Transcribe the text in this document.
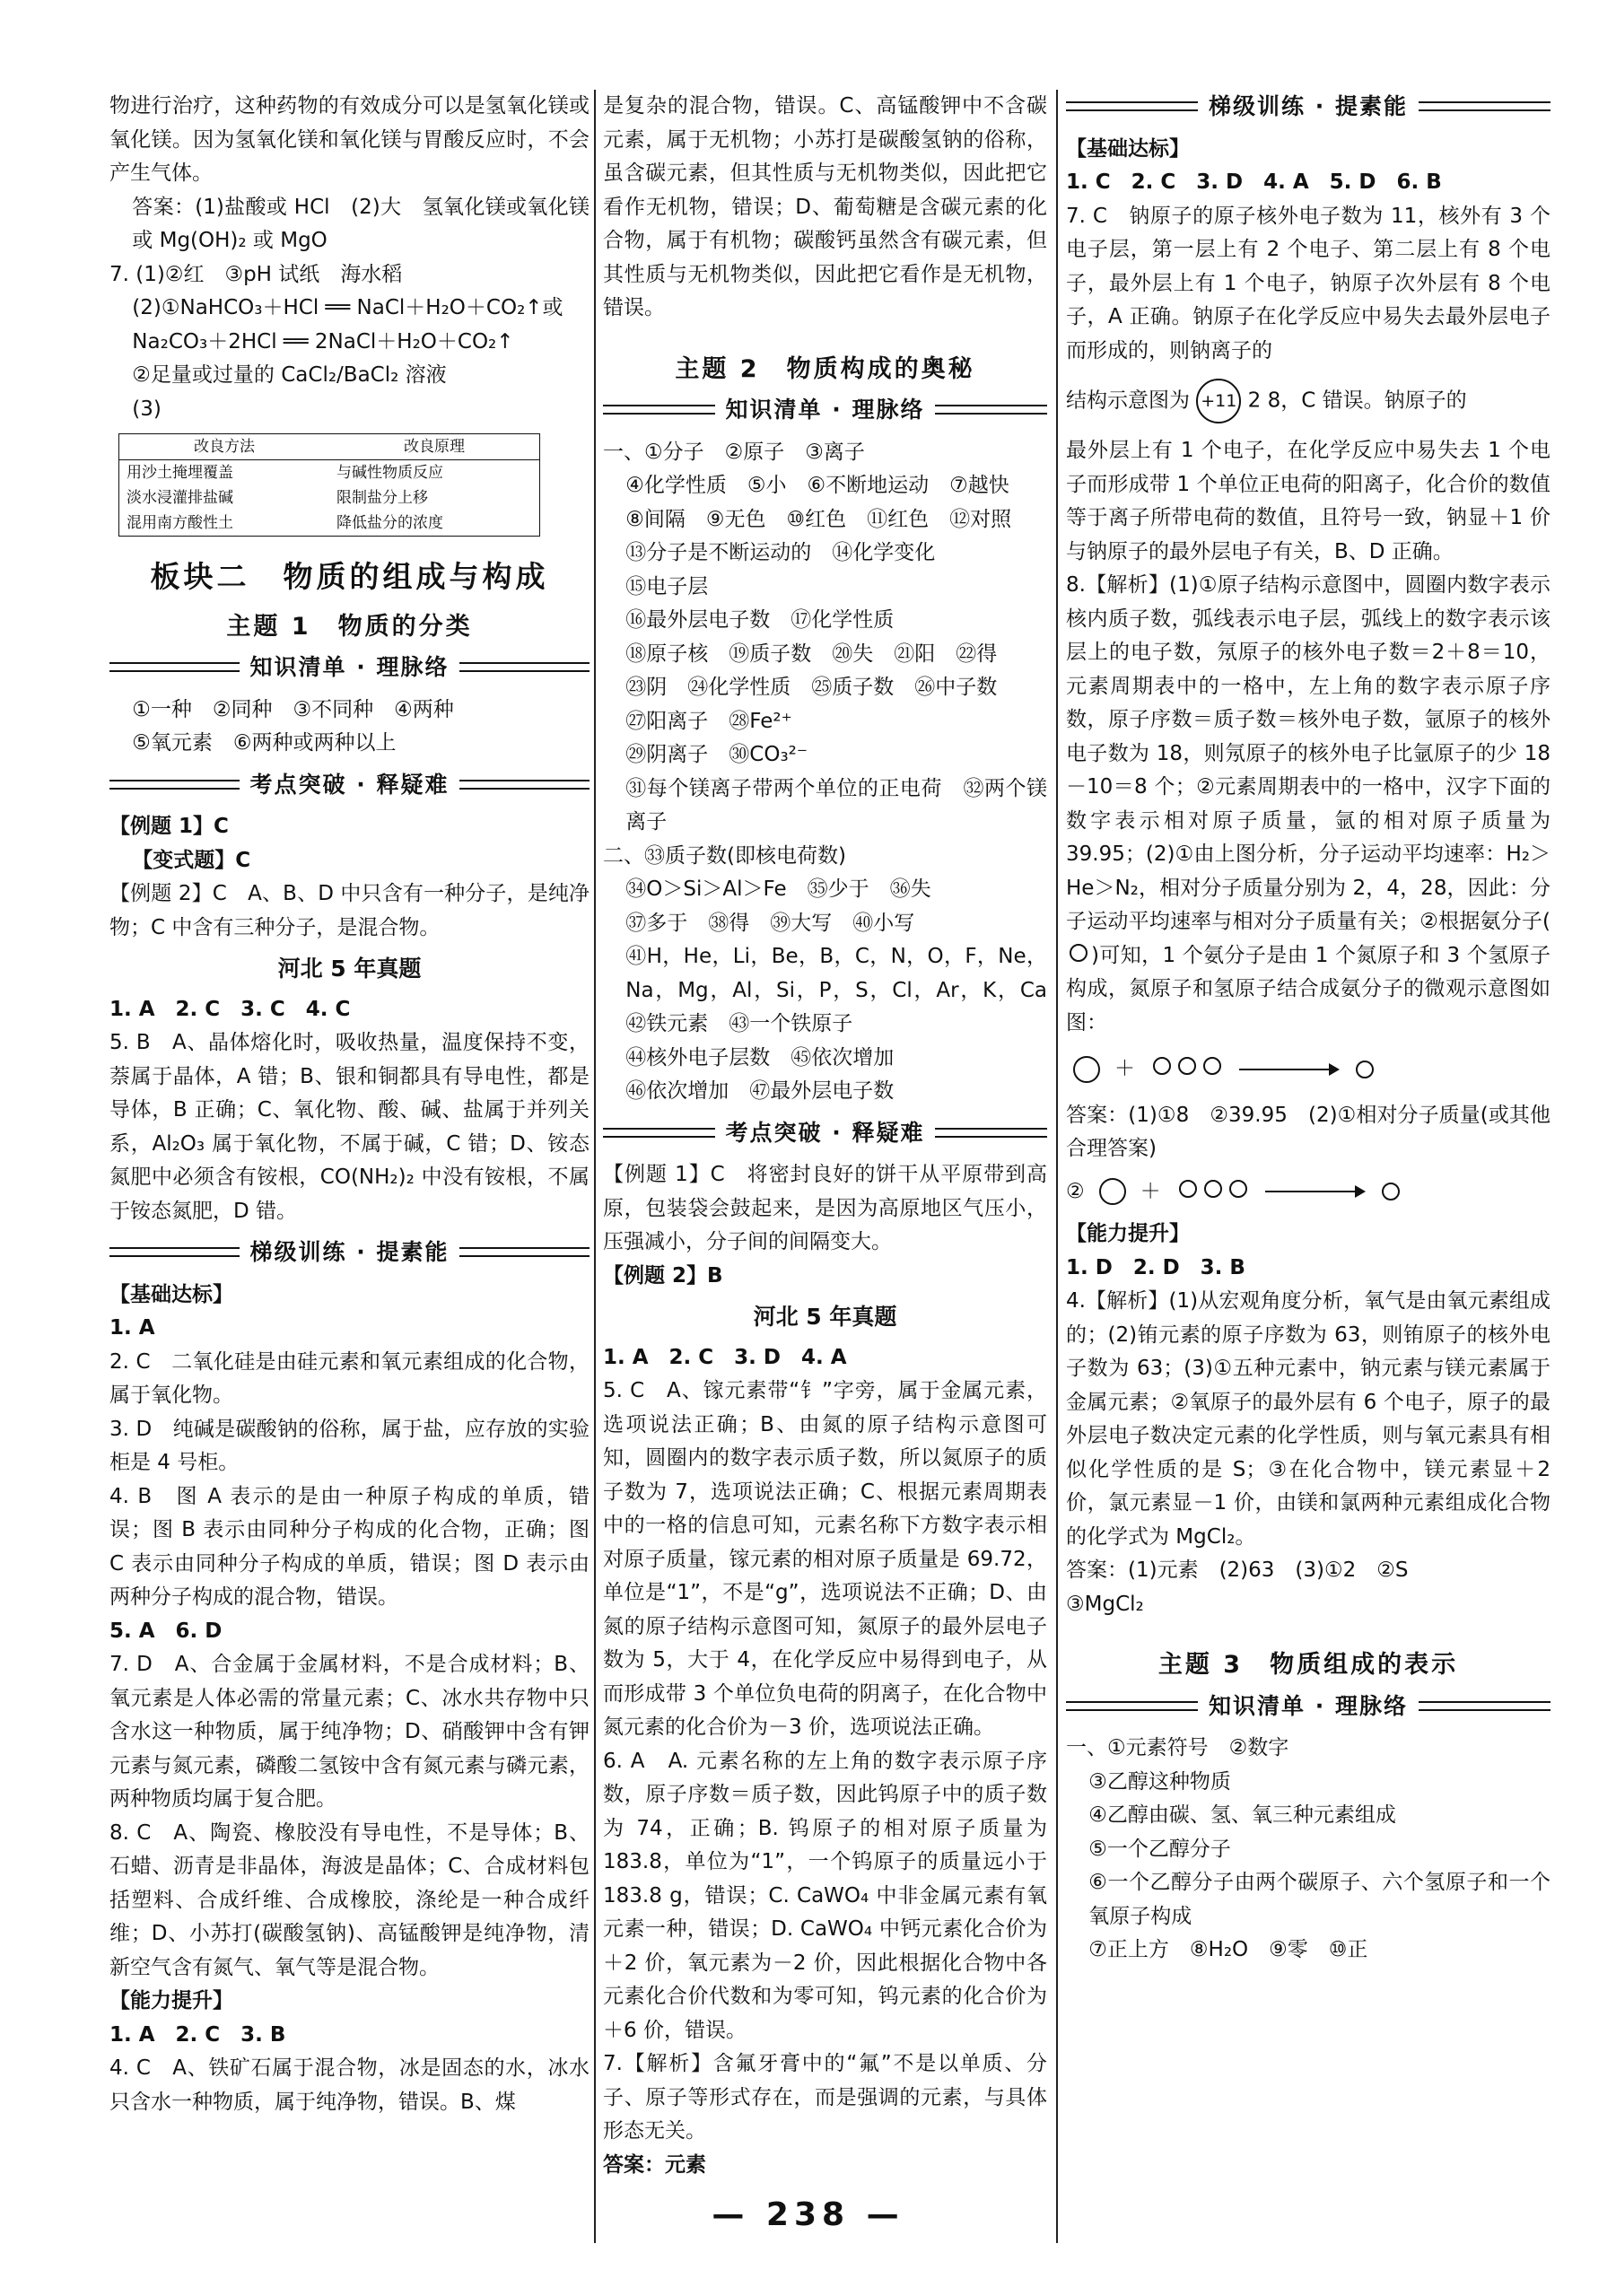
物进行治疗，这种药物的有效成分可以是氢氧化镁或氧化镁。因为氢氧化镁和氧化镁与胃酸反应时，不会产生气体。

答案：(1)盐酸或 HCl　(2)大　氢氧化镁或氧化镁或 Mg(OH)₂ 或 MgO

7. (1)②红　③pH 试纸　海水稻

(2)①NaHCO₃＋HCl ══ NaCl＋H₂O＋CO₂↑或

Na₂CO₃＋2HCl ══ 2NaCl＋H₂O＋CO₂↑

②足量或过量的 CaCl₂/BaCl₂ 溶液

(3)

改良方法	改良原理
用沙土掩埋覆盖	与碱性物质反应
淡水浸灌排盐碱	限制盐分上移
混用南方酸性土	降低盐分的浓度
板块二　物质的组成与构成
主题 1　物质的分类
知识清单 · 理脉络

①一种　②同种　③不同种　④两种

⑤氧元素　⑥两种或两种以上

考点突破 · 释疑难

【例题 1】C

【变式题】C

【例题 2】C　A、B、D 中只含有一种分子，是纯净物；C 中含有三种分子，是混合物。

河北 5 年真题

1. A　2. C　3. C　4. C

5. B　A、晶体熔化时，吸收热量，温度保持不变，萘属于晶体，A 错；B、银和铜都具有导电性，都是导体，B 正确；C、氧化物、酸、碱、盐属于并列关系，Al₂O₃ 属于氧化物，不属于碱，C 错；D、铵态氮肥中必须含有铵根，CO(NH₂)₂ 中没有铵根，不属于铵态氮肥，D 错。

梯级训练 · 提素能

【基础达标】

1. A

2. C　二氧化硅是由硅元素和氧元素组成的化合物，属于氧化物。

3. D　纯碱是碳酸钠的俗称，属于盐，应存放的实验柜是 4 号柜。

4. B　图 A 表示的是由一种原子构成的单质，错误；图 B 表示由同种分子构成的化合物，正确；图 C 表示由同种分子构成的单质，错误；图 D 表示由两种分子构成的混合物，错误。

5. A　6. D

7. D　A、合金属于金属材料，不是合成材料；B、氧元素是人体必需的常量元素；C、冰水共存物中只含水这一种物质，属于纯净物；D、硝酸钾中含有钾元素与氮元素，磷酸二氢铵中含有氮元素与磷元素，两种物质均属于复合肥。

8. C　A、陶瓷、橡胶没有导电性，不是导体；B、石蜡、沥青是非晶体，海波是晶体；C、合成材料包括塑料、合成纤维、合成橡胶，涤纶是一种合成纤维；D、小苏打(碳酸氢钠)、高锰酸钾是纯净物，清新空气含有氮气、氧气等是混合物。

【能力提升】

1. A　2. C　3. B

4. C　A、铁矿石属于混合物，冰是固态的水，冰水只含水一种物质，属于纯净物，错误。B、煤

是复杂的混合物，错误。C、高锰酸钾中不含碳元素，属于无机物；小苏打是碳酸氢钠的俗称，虽含碳元素，但其性质与无机物类似，因此把它看作无机物，错误；D、葡萄糖是含碳元素的化合物，属于有机物；碳酸钙虽然含有碳元素，但其性质与无机物类似，因此把它看作是无机物，错误。

主题 2　物质构成的奥秘
知识清单 · 理脉络

一、①分子　②原子　③离子

④化学性质　⑤小　⑥不断地运动　⑦越快

⑧间隔　⑨无色　⑩红色　⑪红色　⑫对照

⑬分子是不断运动的　⑭化学变化

⑮电子层

⑯最外层电子数　⑰化学性质

⑱原子核　⑲质子数　⑳失　㉑阳　㉒得

㉓阴　㉔化学性质　㉕质子数　㉖中子数

㉗阳离子　㉘Fe²⁺

㉙阴离子　㉚CO₃²⁻

㉛每个镁离子带两个单位的正电荷　㉜两个镁离子

二、㉝质子数(即核电荷数)

㉞O＞Si＞Al＞Fe　㉟少于　㊱失

㊲多于　㊳得　㊴大写　㊵小写

㊶H，He，Li，Be，B，C，N，O，F，Ne，Na，Mg，Al，Si，P，S，Cl，Ar，K，Ca　㊷铁元素　㊸一个铁原子

㊹核外电子层数　㊺依次增加

㊻依次增加　㊼最外层电子数

考点突破 · 释疑难

【例题 1】C　将密封良好的饼干从平原带到高原，包装袋会鼓起来，是因为高原地区气压小，压强减小，分子间的间隔变大。

【例题 2】B

河北 5 年真题

1. A　2. C　3. D　4. A

5. C　A、镓元素带“钅”字旁，属于金属元素，选项说法正确；B、由氮的原子结构示意图可知，圆圈内的数字表示质子数，所以氮原子的质子数为 7，选项说法正确；C、根据元素周期表中的一格的信息可知，元素名称下方数字表示相对原子质量，镓元素的相对原子质量是 69.72，单位是“1”，不是“g”，选项说法不正确；D、由氮的原子结构示意图可知，氮原子的最外层电子数为 5，大于 4，在化学反应中易得到电子，从而形成带 3 个单位负电荷的阴离子，在化合物中氮元素的化合价为－3 价，选项说法正确。

6. A　A. 元素名称的左上角的数字表示原子序数，原子序数＝质子数，因此钨原子中的质子数为 74，正确；B. 钨原子的相对原子质量为 183.8，单位为“1”，一个钨原子的质量远小于 183.8 g，错误；C. CaWO₄ 中非金属元素有氧元素一种，错误；D. CaWO₄ 中钙元素化合价为＋2 价，氧元素为－2 价，因此根据化合物中各元素化合价代数和为零可知，钨元素的化合价为＋6 价，错误。

7.【解析】含氟牙膏中的“氟”不是以单质、分子、原子等形式存在，而是强调的元素，与具体形态无关。

答案：元素

梯级训练 · 提素能

【基础达标】

1. C　2. C　3. D　4. A　5. D　6. B

7. C　钠原子的原子核外电子数为 11，核外有 3 个电子层，第一层上有 2 个电子、第二层上有 8 个电子，最外层上有 1 个电子，钠原子次外层有 8 个电子，A 正确。钠原子在化学反应中易失去最外层电子而形成的，则钠离子的

结构示意图为 +11 2 8，C 错误。钠原子的

最外层上有 1 个电子，在化学反应中易失去 1 个电子而形成带 1 个单位正电荷的阳离子，化合价的数值等于离子所带电荷的数值，且符号一致，钠显＋1 价与钠原子的最外层电子有关，B、D 正确。

8.【解析】(1)①原子结构示意图中，圆圈内数字表示核内质子数，弧线表示电子层，弧线上的数字表示该层上的电子数，氖原子的核外电子数＝2＋8＝10，元素周期表中的一格中，左上角的数字表示原子序数，原子序数＝质子数＝核外电子数，氩原子的核外电子数为 18，则氖原子的核外电子比氩原子的少 18－10＝8 个；②元素周期表中的一格中，汉字下面的数字表示相对原子质量，氩的相对原子质量为 39.95；(2)①由上图分析，分子运动平均速率：H₂＞He＞N₂，相对分子质量分别为 2，4，28，因此：分子运动平均速率与相对分子质量有关；②根据氨分子()可知，1 个氨分子是由 1 个氮原子和 3 个氢原子构成，氮原子和氢原子结合成氨分子的微观示意图如图：

＋

答案：(1)①8　②39.95　(2)①相对分子质量(或其他合理答案)

②	＋

【能力提升】

1. D　2. D　3. B

4.【解析】(1)从宏观角度分析，氧气是由氧元素组成的；(2)铕元素的原子序数为 63，则铕原子的核外电子数为 63；(3)①五种元素中，钠元素与镁元素属于金属元素；②氧原子的最外层有 6 个电子，原子的最外层电子数决定元素的化学性质，则与氧元素具有相似化学性质的是 S；③在化合物中，镁元素显＋2 价，氯元素显－1 价，由镁和氯两种元素组成化合物的化学式为 MgCl₂。

答案：(1)元素　(2)63　(3)①2　②S

③MgCl₂

主题 3　物质组成的表示
知识清单 · 理脉络

一、①元素符号　②数字

③乙醇这种物质

④乙醇由碳、氢、氧三种元素组成

⑤一个乙醇分子

⑥一个乙醇分子由两个碳原子、六个氢原子和一个氧原子构成

⑦正上方　⑧H₂O　⑨零　⑩正

— 238 —
